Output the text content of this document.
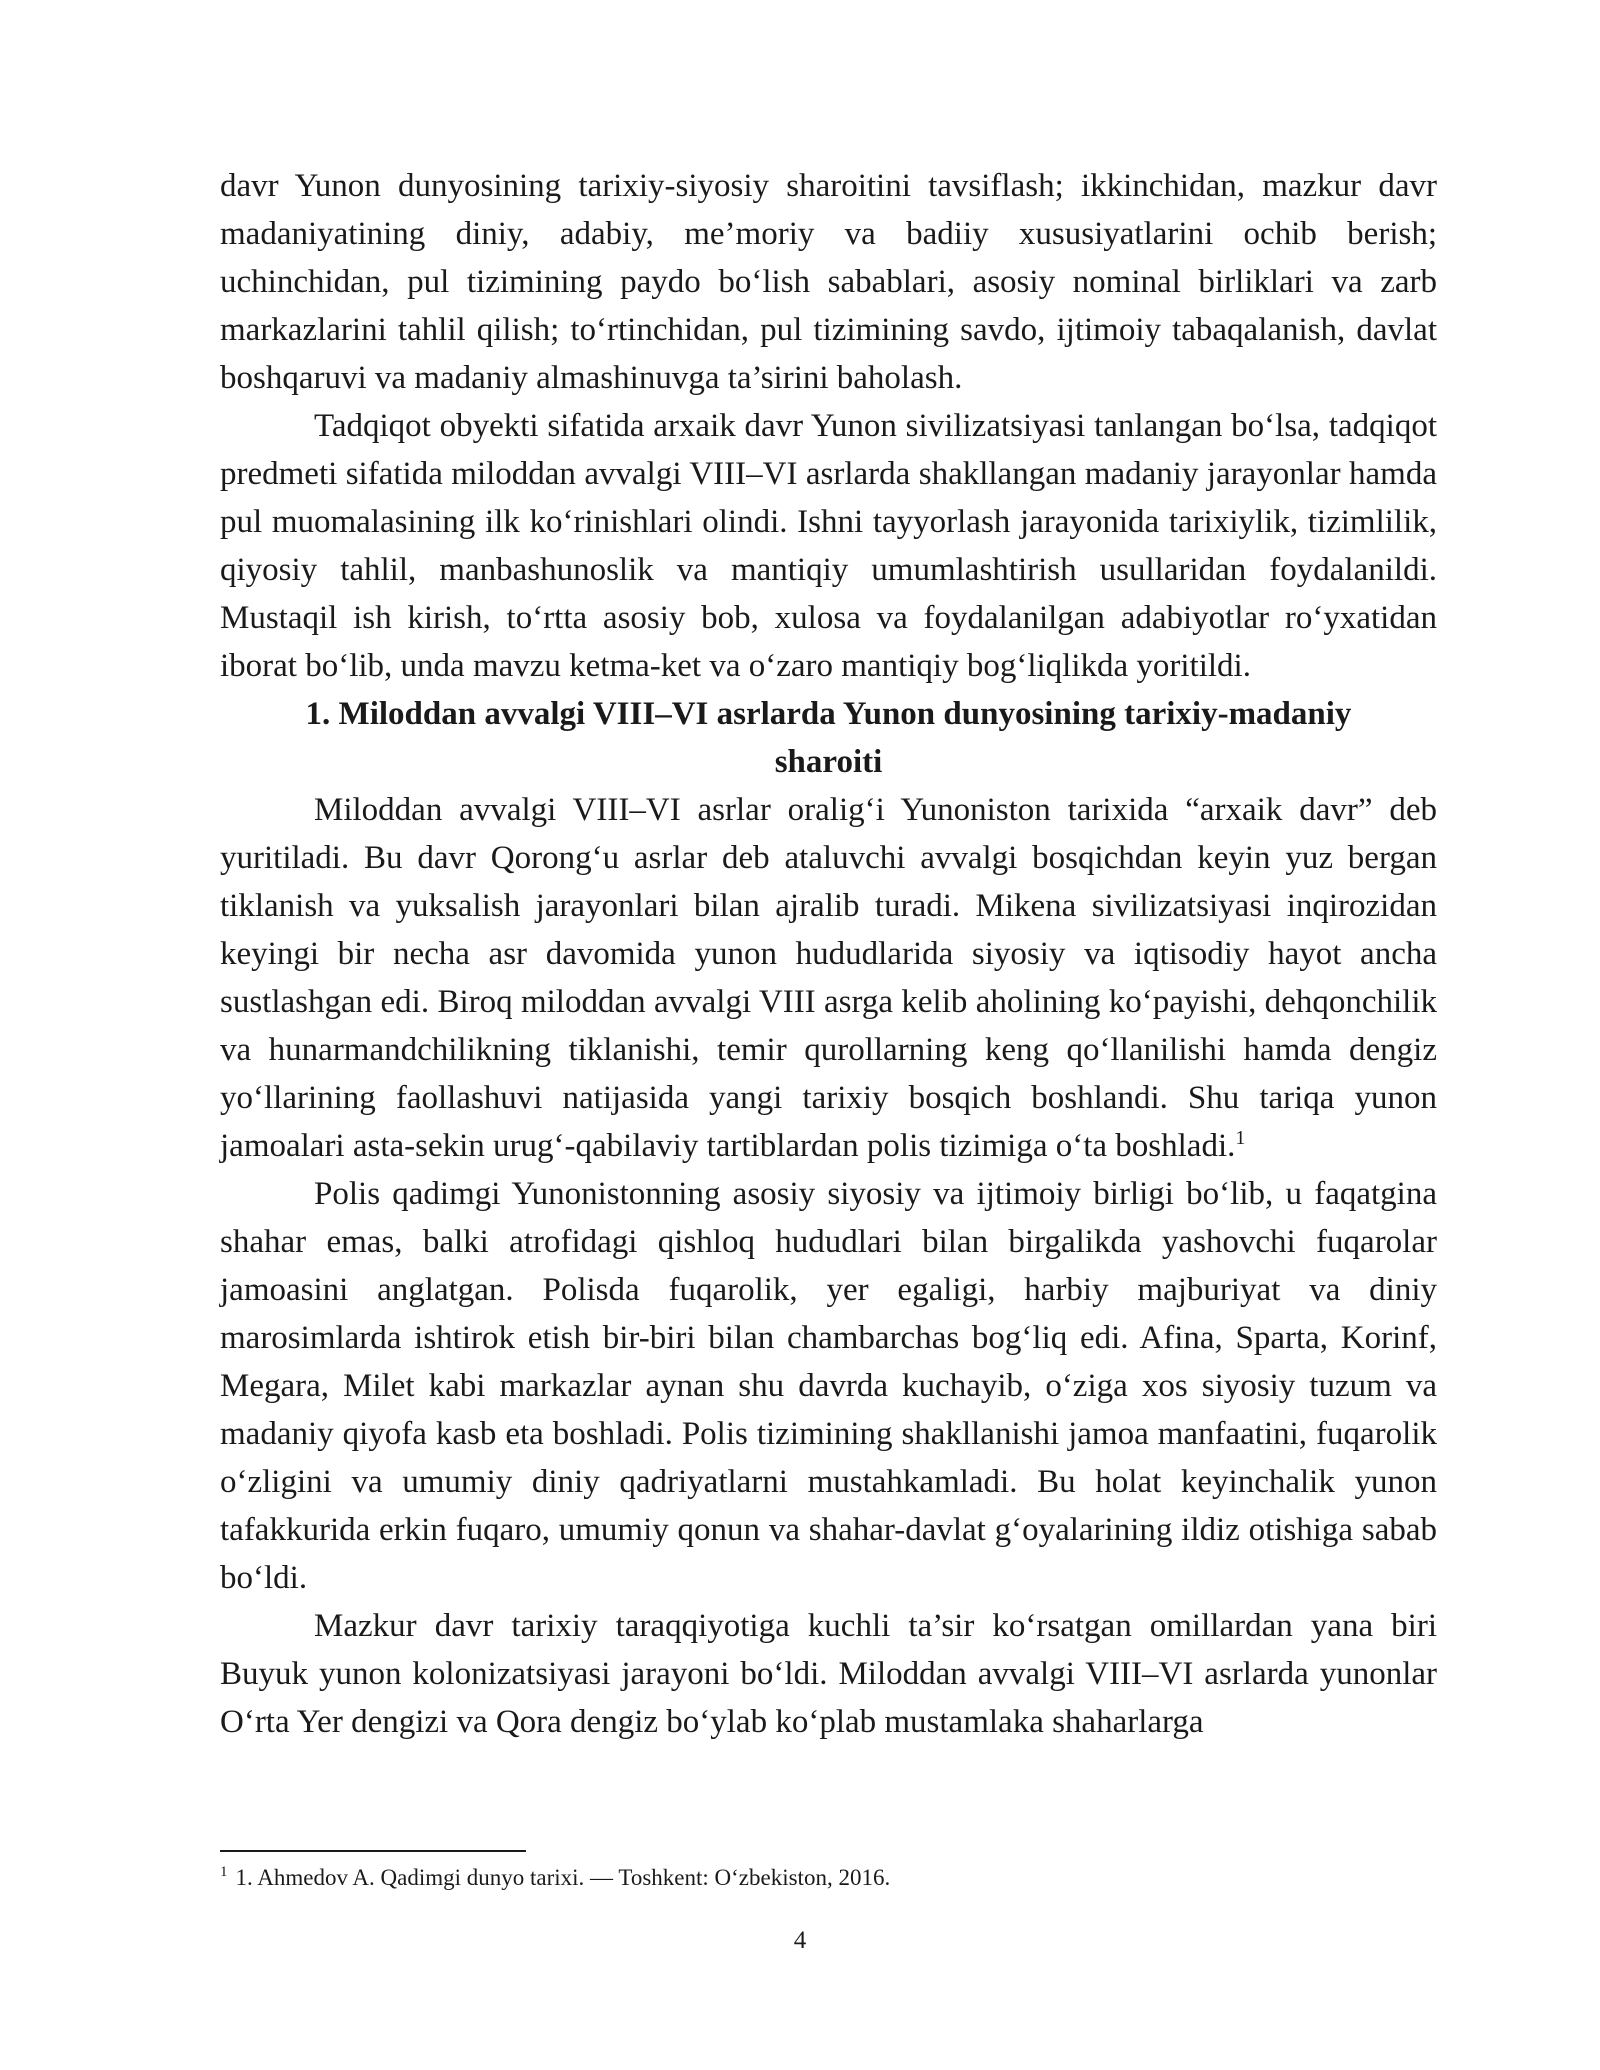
davr Yunon dunyosining tarixiy-siyosiy sharoitini tavsiflash; ikkinchidan, mazkur davr madaniyatining diniy, adabiy, me’moriy va badiiy xususiyatlarini ochib berish; uchinchidan, pul tizimining paydo bo‘lish sabablari, asosiy nominal birliklari va zarb markazlarini tahlil qilish; to‘rtinchidan, pul tizimining savdo, ijtimoiy tabaqalanish, davlat boshqaruvi va madaniy almashinuvga ta’sirini baholash.

Tadqiqot obyekti sifatida arxaik davr Yunon sivilizatsiyasi tanlangan bo‘lsa, tadqiqot predmeti sifatida miloddan avvalgi VIII–VI asrlarda shakllangan madaniy jarayonlar hamda pul muomalasining ilk ko‘rinishlari olindi. Ishni tayyorlash jarayonida tarixiylik, tizimlilik, qiyosiy tahlil, manbashunoslik va mantiqiy umumlashtirish usullaridan foydalanildi. Mustaqil ish kirish, to‘rtta asosiy bob, xulosa va foydalanilgan adabiyotlar ro‘yxatidan iborat bo‘lib, unda mavzu ketma-ket va o‘zaro mantiqiy bog‘liqlikda yoritildi.

1. Miloddan avvalgi VIII–VI asrlarda Yunon dunyosining tarixiy-madaniy sharoiti

Miloddan avvalgi VIII–VI asrlar oralig‘i Yunoniston tarixida “arxaik davr” deb yuritiladi. Bu davr Qorong‘u asrlar deb ataluvchi avvalgi bosqichdan keyin yuz bergan tiklanish va yuksalish jarayonlari bilan ajralib turadi. Mikena sivilizatsiyasi inqirozidan keyingi bir necha asr davomida yunon hududlarida siyosiy va iqtisodiy hayot ancha sustlashgan edi. Biroq miloddan avvalgi VIII asrga kelib aholining ko‘payishi, dehqonchilik va hunarmandchilikning tiklanishi, temir qurollarning keng qo‘llanilishi hamda dengiz yo‘llarining faollashuvi natijasida yangi tarixiy bosqich boshlandi. Shu tariqa yunon jamoalari asta-sekin urug‘-qabilaviy tartiblardan polis tizimiga o‘ta boshladi.$^1$

Polis qadimgi Yunonistonning asosiy siyosiy va ijtimoiy birligi bo‘lib, u faqatgina shahar emas, balki atrofidagi qishloq hududlari bilan birgalikda yashovchi fuqarolar jamoasini anglatgan. Polisda fuqarolik, yer egaligi, harbiy majburiyat va diniy marosimlarda ishtirok etish bir-biri bilan chambarchas bog‘liq edi. Afina, Sparta, Korinf, Megara, Milet kabi markazlar aynan shu davrda kuchayib, o‘ziga xos siyosiy tuzum va madaniy qiyofa kasb eta boshladi. Polis tizimining shakllanishi jamoa manfaatini, fuqarolik o‘zligini va umumiy diniy qadriyatlarni mustahkamladi. Bu holat keyinchalik yunon tafakkurida erkin fuqaro, umumiy qonun va shahar-davlat g‘oyalarining ildiz otishiga sabab bo‘ldi.

Mazkur davr tarixiy taraqqiyotiga kuchli ta’sir ko‘rsatgan omillardan yana biri Buyuk yunon kolonizatsiyasi jarayoni bo‘ldi. Miloddan avvalgi VIII–VI asrlarda yunonlar O‘rta Yer dengizi va Qora dengiz bo‘ylab ko‘plab mustamlaka shaharlarga

$^1$ 1. Ahmedov A. Qadimgi dunyo tarixi. — Toshkent: O‘zbekiston, 2016.
4
